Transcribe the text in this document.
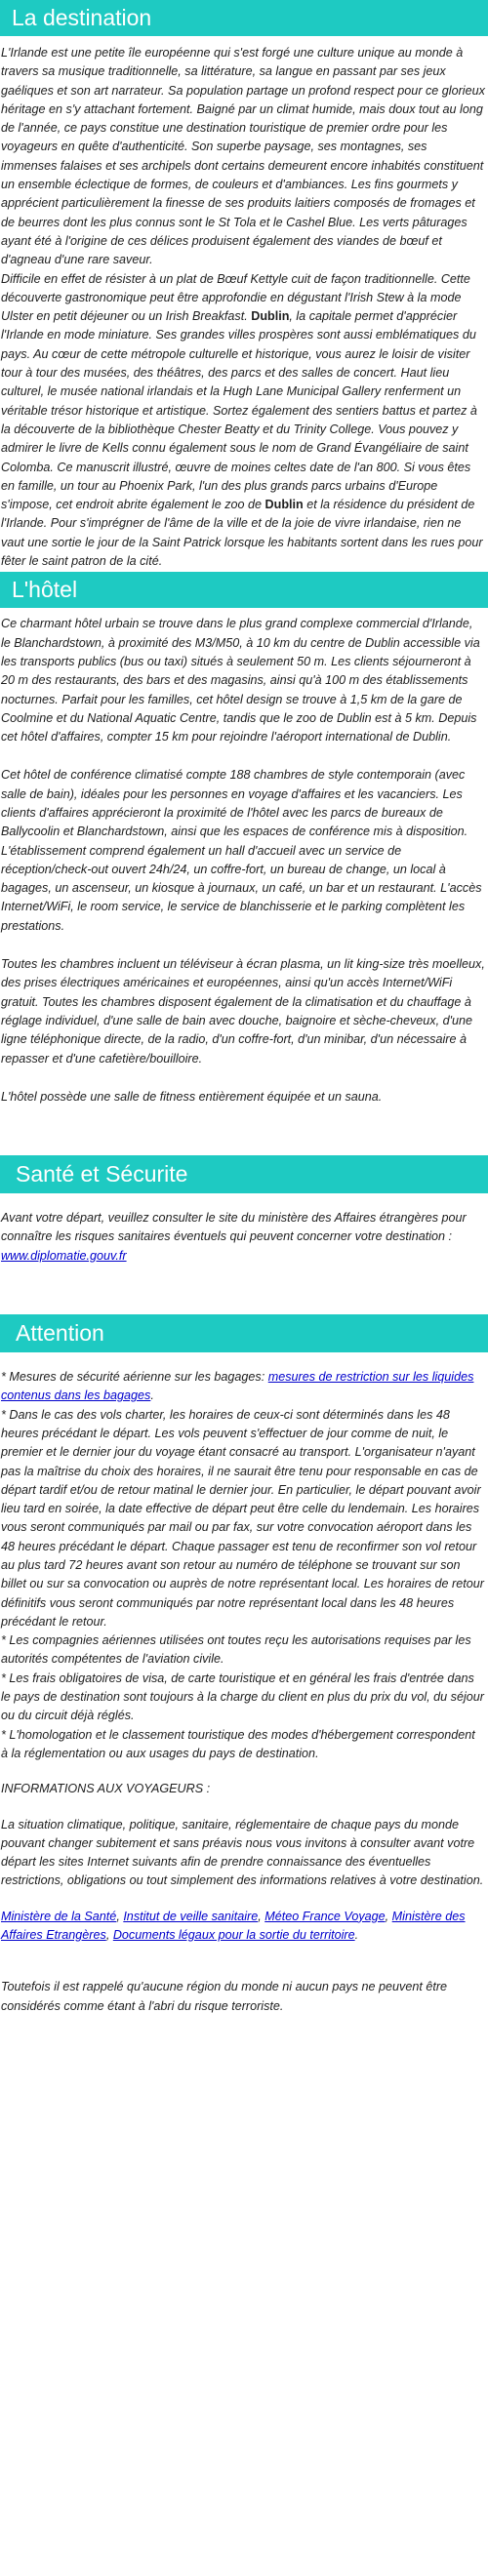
La destination

L'Irlande est une petite île européenne qui s'est forgé une culture unique au monde à travers sa musique traditionnelle, sa littérature, sa langue en passant par ses jeux gaéliques et son art narrateur. Sa population partage un profond respect pour ce glorieux héritage en s'y attachant fortement. Baigné par un climat humide, mais doux tout au long de l'année, ce pays constitue une destination touristique de premier ordre pour les voyageurs en quête d'authenticité. Son superbe paysage, ses montagnes, ses immenses falaises et ses archipels dont certains demeurent encore inhabités constituent un ensemble éclectique de formes, de couleurs et d'ambiances. Les fins gourmets y apprécient particulièrement la finesse de ses produits laitiers composés de fromages et de beurres dont les plus connus sont le St Tola et le Cashel Blue. Les verts pâturages ayant été à l'origine de ces délices produisent également des viandes de bœuf et d'agneau d'une rare saveur.

Difficile en effet de résister à un plat de Bœuf Kettyle cuit de façon traditionnelle. Cette découverte gastronomique peut être approfondie en dégustant l'Irish Stew à la mode Ulster en petit déjeuner ou un Irish Breakfast. Dublin, la capitale permet d'apprécier l'Irlande en mode miniature. Ses grandes villes prospères sont aussi emblématiques du pays. Au cœur de cette métropole culturelle et historique, vous aurez le loisir de visiter tour à tour des musées, des théâtres, des parcs et des salles de concert. Haut lieu culturel, le musée national irlandais et la Hugh Lane Municipal Gallery renferment un véritable trésor historique et artistique. Sortez également des sentiers battus et partez à la découverte de la bibliothèque Chester Beatty et du Trinity College. Vous pouvez y admirer le livre de Kells connu également sous le nom de Grand Évangéliaire de saint Colomba. Ce manuscrit illustré, œuvre de moines celtes date de l'an 800. Si vous êtes en famille, un tour au Phoenix Park, l'un des plus grands parcs urbains d'Europe s'impose, cet endroit abrite également le zoo de Dublin et la résidence du président de l'Irlande. Pour s'imprégner de l'âme de la ville et de la joie de vivre irlandaise, rien ne vaut une sortie le jour de la Saint Patrick lorsque les habitants sortent dans les rues pour fêter le saint patron de la cité.

L'hôtel

Ce charmant hôtel urbain se trouve dans le plus grand complexe commercial d'Irlande, le Blanchardstown, à proximité des M3/M50, à 10 km du centre de Dublin accessible via les transports publics (bus ou taxi) situés à seulement 50 m. Les clients séjourneront à 20 m des restaurants, des bars et des magasins, ainsi qu'à 100 m des établissements nocturnes. Parfait pour les familles, cet hôtel design se trouve à 1,5 km de la gare de Coolmine et du National Aquatic Centre, tandis que le zoo de Dublin est à 5 km. Depuis cet hôtel d'affaires, compter 15 km pour rejoindre l'aéroport international de Dublin.

Cet hôtel de conférence climatisé compte 188 chambres de style contemporain (avec salle de bain), idéales pour les personnes en voyage d'affaires et les vacanciers. Les clients d'affaires apprécieront la proximité de l'hôtel avec les parcs de bureaux de Ballycoolin et Blanchardstown, ainsi que les espaces de conférence mis à disposition. L'établissement comprend également un hall d'accueil avec un service de réception/check-out ouvert 24h/24, un coffre-fort, un bureau de change, un local à bagages, un ascenseur, un kiosque à journaux, un café, un bar et un restaurant. L'accès Internet/WiFi, le room service, le service de blanchisserie et le parking complètent les prestations.

Toutes les chambres incluent un téléviseur à écran plasma, un lit king-size très moelleux, des prises électriques américaines et européennes, ainsi qu'un accès Internet/WiFi gratuit. Toutes les chambres disposent également de la climatisation et du chauffage à réglage individuel, d'une salle de bain avec douche, baignoire et sèche-cheveux, d'une ligne téléphonique directe, de la radio, d'un coffre-fort, d'un minibar, d'un nécessaire à repasser et d'une cafetière/bouilloire.

L'hôtel possède une salle de fitness entièrement équipée et un sauna.

Santé et Sécurite

Avant votre départ, veuillez consulter le site du ministère des Affaires étrangères pour connaître les risques sanitaires éventuels qui peuvent concerner votre destination : www.diplomatie.gouv.fr

Attention

* Mesures de sécurité aérienne sur les bagages: mesures de restriction sur les liquides contenus dans les bagages.

* Dans le cas des vols charter, les horaires de ceux-ci sont déterminés dans les 48 heures précédant le départ. Les vols peuvent s'effectuer de jour comme de nuit, le premier et le dernier jour du voyage étant consacré au transport. L'organisateur n'ayant pas la maîtrise du choix des horaires, il ne saurait être tenu pour responsable en cas de départ tardif et/ou de retour matinal le dernier jour. En particulier, le départ pouvant avoir lieu tard en soirée, la date effective de départ peut être celle du lendemain. Les horaires vous seront communiqués par mail ou par fax, sur votre convocation aéroport dans les 48 heures précédant le départ. Chaque passager est tenu de reconfirmer son vol retour au plus tard 72 heures avant son retour au numéro de téléphone se trouvant sur son billet ou sur sa convocation ou auprès de notre représentant local. Les horaires de retour définitifs vous seront communiqués par notre représentant local dans les 48 heures précédant le retour.

* Les compagnies aériennes utilisées ont toutes reçu les autorisations requises par les autorités compétentes de l'aviation civile.

* Les frais obligatoires de visa, de carte touristique et en général les frais d'entrée dans le pays de destination sont toujours à la charge du client en plus du prix du vol, du séjour ou du circuit déjà réglés.

* L'homologation et le classement touristique des modes d'hébergement correspondent à la réglementation ou aux usages du pays de destination.

INFORMATIONS AUX VOYAGEURS :

La situation climatique, politique, sanitaire, réglementaire de chaque pays du monde pouvant changer subitement et sans préavis nous vous invitons à consulter avant votre départ les sites Internet suivants afin de prendre connaissance des éventuelles restrictions, obligations ou tout simplement des informations relatives à votre destination.

Ministère de la Santé, Institut de veille sanitaire, Méteo France Voyage, Ministère des Affaires Etrangères, Documents légaux pour la sortie du territoire.

Toutefois il est rappelé qu'aucune région du monde ni aucun pays ne peuvent être considérés comme étant à l'abri du risque terroriste.
